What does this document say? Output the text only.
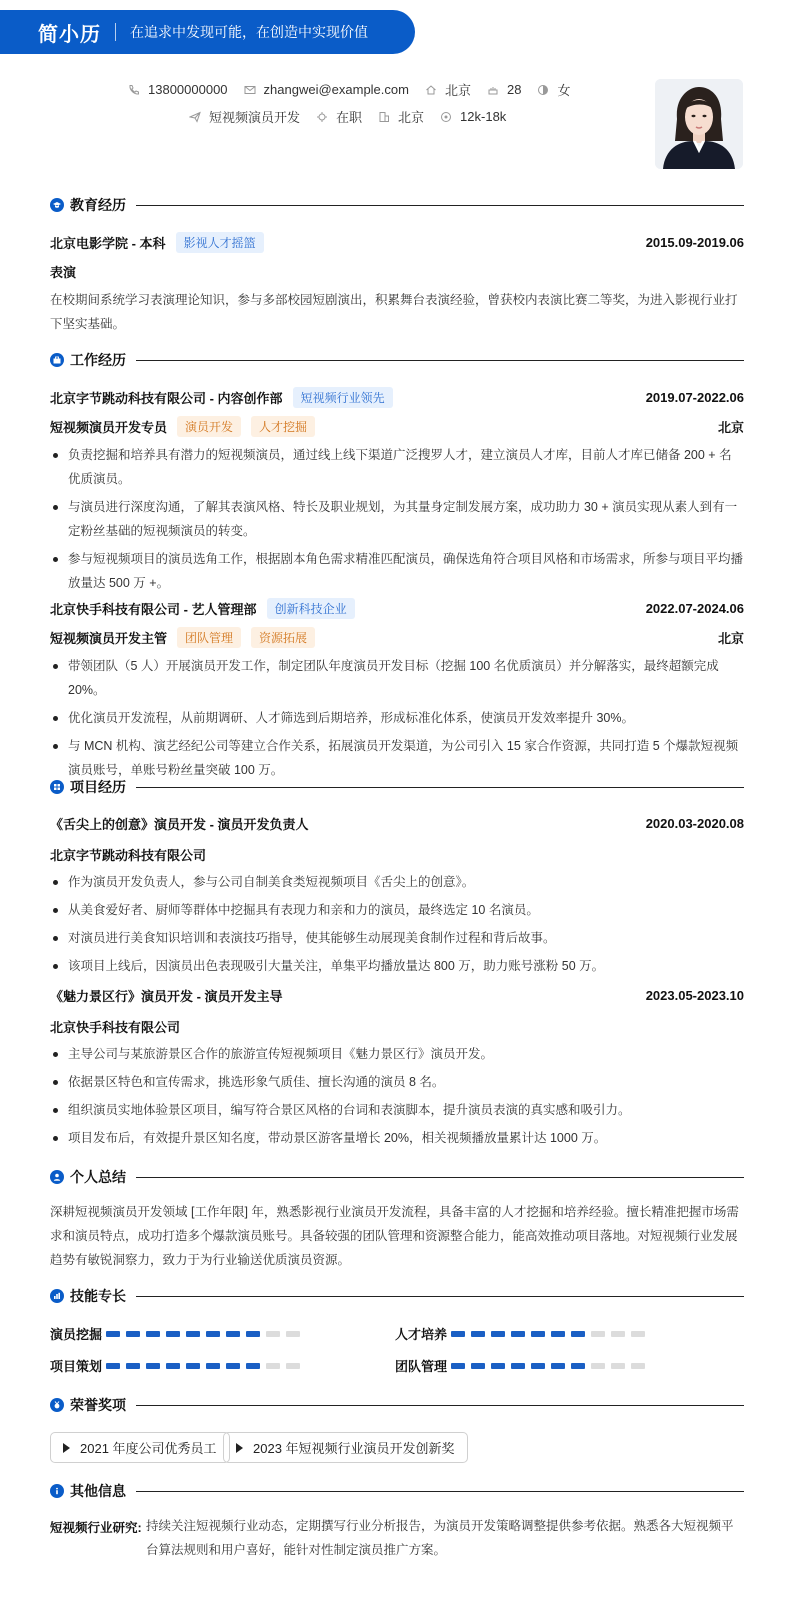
简小历 在追求中发现可能，在创造中实现价值
13800000000	zhangwei@example.com	北京	28	女
短视频演员开发	在职	北京	12k-18k
教育经历
北京电影学院 - 本科	影视人才摇篮	2015.09-2019.06
表演
在校期间系统学习表演理论知识，参与多部校园短剧演出，积累舞台表演经验，曾获校内表演比赛二等奖，为进入影视行业打下坚实基础。
工作经历
北京字节跳动科技有限公司 - 内容创作部	短视频行业领先	2019.07-2022.06
短视频演员开发专员	演员开发	人才挖掘	北京
负责挖掘和培养具有潜力的短视频演员，通过线上线下渠道广泛搜罗人才，建立演员人才库，目前人才库已储备 200 + 名优质演员。
与演员进行深度沟通，了解其表演风格、特长及职业规划，为其量身定制发展方案，成功助力 30 + 演员实现从素人到有一定粉丝基础的短视频演员的转变。
参与短视频项目的演员选角工作，根据剧本角色需求精准匹配演员，确保选角符合项目风格和市场需求，所参与项目平均播放量达 500 万 +。
北京快手科技有限公司 - 艺人管理部	创新科技企业	2022.07-2024.06
短视频演员开发主管	团队管理	资源拓展	北京
带领团队（5 人）开展演员开发工作，制定团队年度演员开发目标（挖掘 100 名优质演员）并分解落实，最终超额完成 20%。
优化演员开发流程，从前期调研、人才筛选到后期培养，形成标准化体系，使演员开发效率提升 30%。
与 MCN 机构、演艺经纪公司等建立合作关系，拓展演员开发渠道，为公司引入 15 家合作资源，共同打造 5 个爆款短视频演员账号，单账号粉丝量突破 100 万。
项目经历
《舌尖上的创意》演员开发 - 演员开发负责人	2020.03-2020.08
北京字节跳动科技有限公司
作为演员开发负责人，参与公司自制美食类短视频项目《舌尖上的创意》。
从美食爱好者、厨师等群体中挖掘具有表现力和亲和力的演员，最终选定 10 名演员。
对演员进行美食知识培训和表演技巧指导，使其能够生动展现美食制作过程和背后故事。
该项目上线后，因演员出色表现吸引大量关注，单集平均播放量达 800 万，助力账号涨粉 50 万。
《魅力景区行》演员开发 - 演员开发主导	2023.05-2023.10
北京快手科技有限公司
主导公司与某旅游景区合作的旅游宣传短视频项目《魅力景区行》演员开发。
依据景区特色和宣传需求，挑选形象气质佳、擅长沟通的演员 8 名。
组织演员实地体验景区项目，编写符合景区风格的台词和表演脚本，提升演员表演的真实感和吸引力。
项目发布后，有效提升景区知名度，带动景区游客量增长 20%，相关视频播放量累计达 1000 万。
个人总结
深耕短视频演员开发领域 [工作年限] 年，熟悉影视行业演员开发流程，具备丰富的人才挖掘和培养经验。擅长精准把握市场需求和演员特点，成功打造多个爆款演员账号。具备较强的团队管理和资源整合能力，能高效推动项目落地。对短视频行业发展趋势有敏锐洞察力，致力于为行业输送优质演员资源。
技能专长
演员挖掘	人才培养
项目策划	团队管理
荣誉奖项
2021 年度公司优秀员工	2023 年短视频行业演员开发创新奖
其他信息
短视频行业研究: 持续关注短视频行业动态，定期撰写行业分析报告，为演员开发策略调整提供参考依据。熟悉各大短视频平台算法规则和用户喜好，能针对性制定演员推广方案。
